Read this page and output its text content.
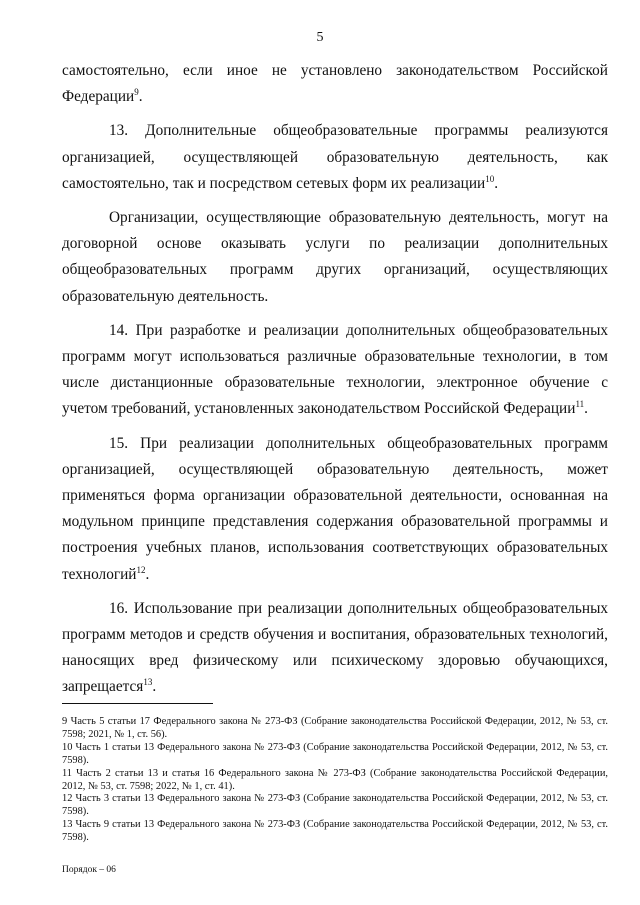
5

самостоятельно, если иное не установлено законодательством Российской Федерации$^9$.

13. Дополнительные общеобразовательные программы реализуются организацией, осуществляющей образовательную деятельность, как самостоятельно, так и посредством сетевых форм их реализации$^{10}$.

Организации, осуществляющие образовательную деятельность, могут на договорной основе оказывать услуги по реализации дополнительных общеобразовательных программ других организаций, осуществляющих образовательную деятельность.

14. При разработке и реализации дополнительных общеобразовательных программ могут использоваться различные образовательные технологии, в том числе дистанционные образовательные технологии, электронное обучение с учетом требований, установленных законодательством Российской Федерации$^{11}$.

15. При реализации дополнительных общеобразовательных программ организацией, осуществляющей образовательную деятельность, может применяться форма организации образовательной деятельности, основанная на модульном принципе представления содержания образовательной программы и построения учебных планов, использования соответствующих образовательных технологий$^{12}$.

16. Использование при реализации дополнительных общеобразовательных программ методов и средств обучения и воспитания, образовательных технологий, наносящих вред физическому или психическому здоровью обучающихся, запрещается$^{13}$.

9 Часть 5 статьи 17 Федерального закона № 273-ФЗ (Собрание законодательства Российской Федерации, 2012, № 53, ст. 7598; 2021, № 1, ст. 56).

10 Часть 1 статьи 13 Федерального закона № 273-ФЗ (Собрание законодательства Российской Федерации, 2012, № 53, ст. 7598).

11 Часть 2 статьи 13 и статья 16 Федерального закона № 273-ФЗ (Собрание законодательства Российской Федерации, 2012, № 53, ст. 7598; 2022, № 1, ст. 41).

12 Часть 3 статьи 13 Федерального закона № 273-ФЗ (Собрание законодательства Российской Федерации, 2012, № 53, ст. 7598).

13 Часть 9 статьи 13 Федерального закона № 273-ФЗ (Собрание законодательства Российской Федерации, 2012, № 53, ст. 7598).

Порядок – 06
